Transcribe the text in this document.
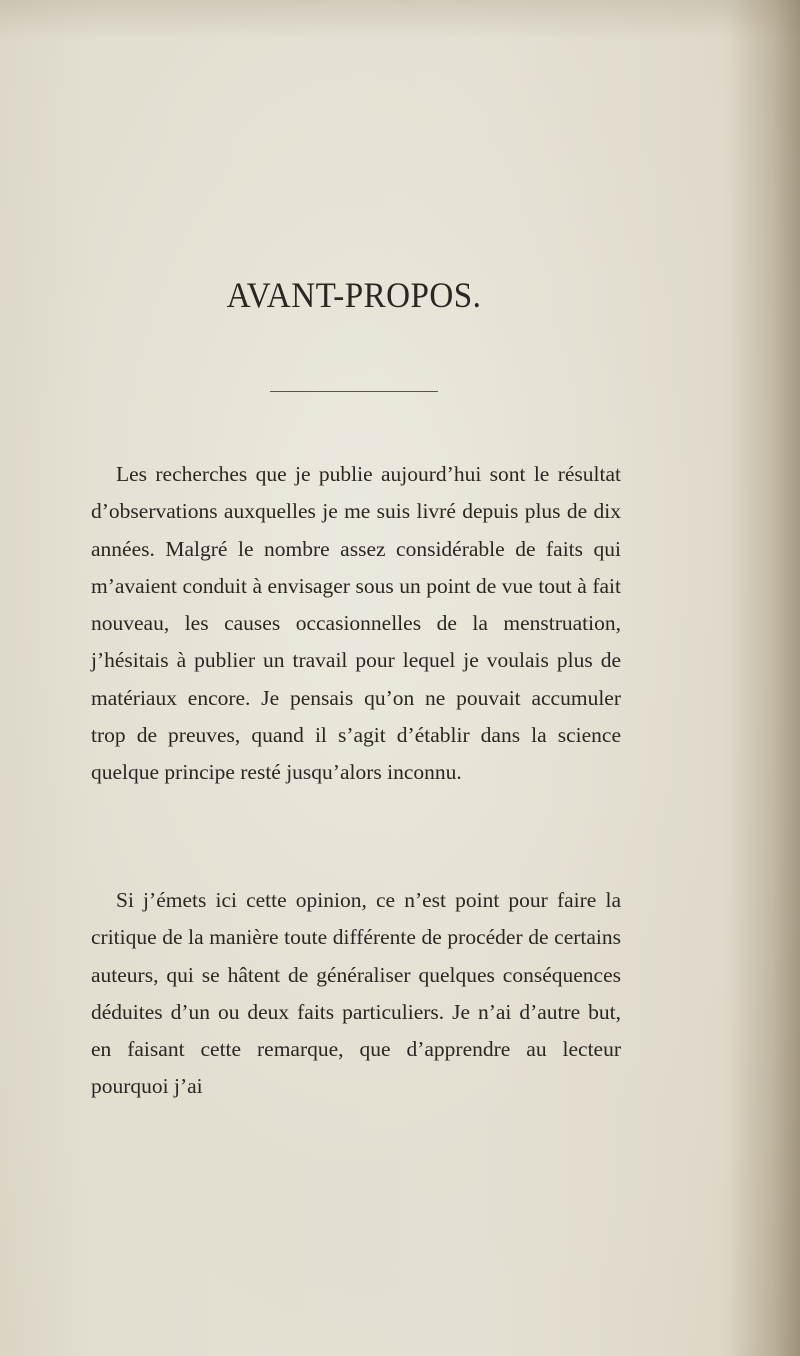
AVANT-PROPOS.

Les recherches que je publie aujourd’hui sont le résultat d’observations auxquelles je me suis livré depuis plus de dix années. Malgré le nombre assez considérable de faits qui m’avaient conduit à envisager sous un point de vue tout à fait nouveau, les causes occasionnelles de la menstruation, j’hésitais à publier un travail pour lequel je voulais plus de matériaux encore. Je pensais qu’on ne pouvait accumuler trop de preuves, quand il s’agit d’établir dans la science quelque principe resté jusqu’alors inconnu.

Si j’émets ici cette opinion, ce n’est point pour faire la critique de la manière toute différente de procéder de certains auteurs, qui se hâtent de généraliser quelques conséquences déduites d’un ou deux faits particuliers. Je n’ai d’autre but, en faisant cette remarque, que d’apprendre au lecteur pourquoi j’ai
